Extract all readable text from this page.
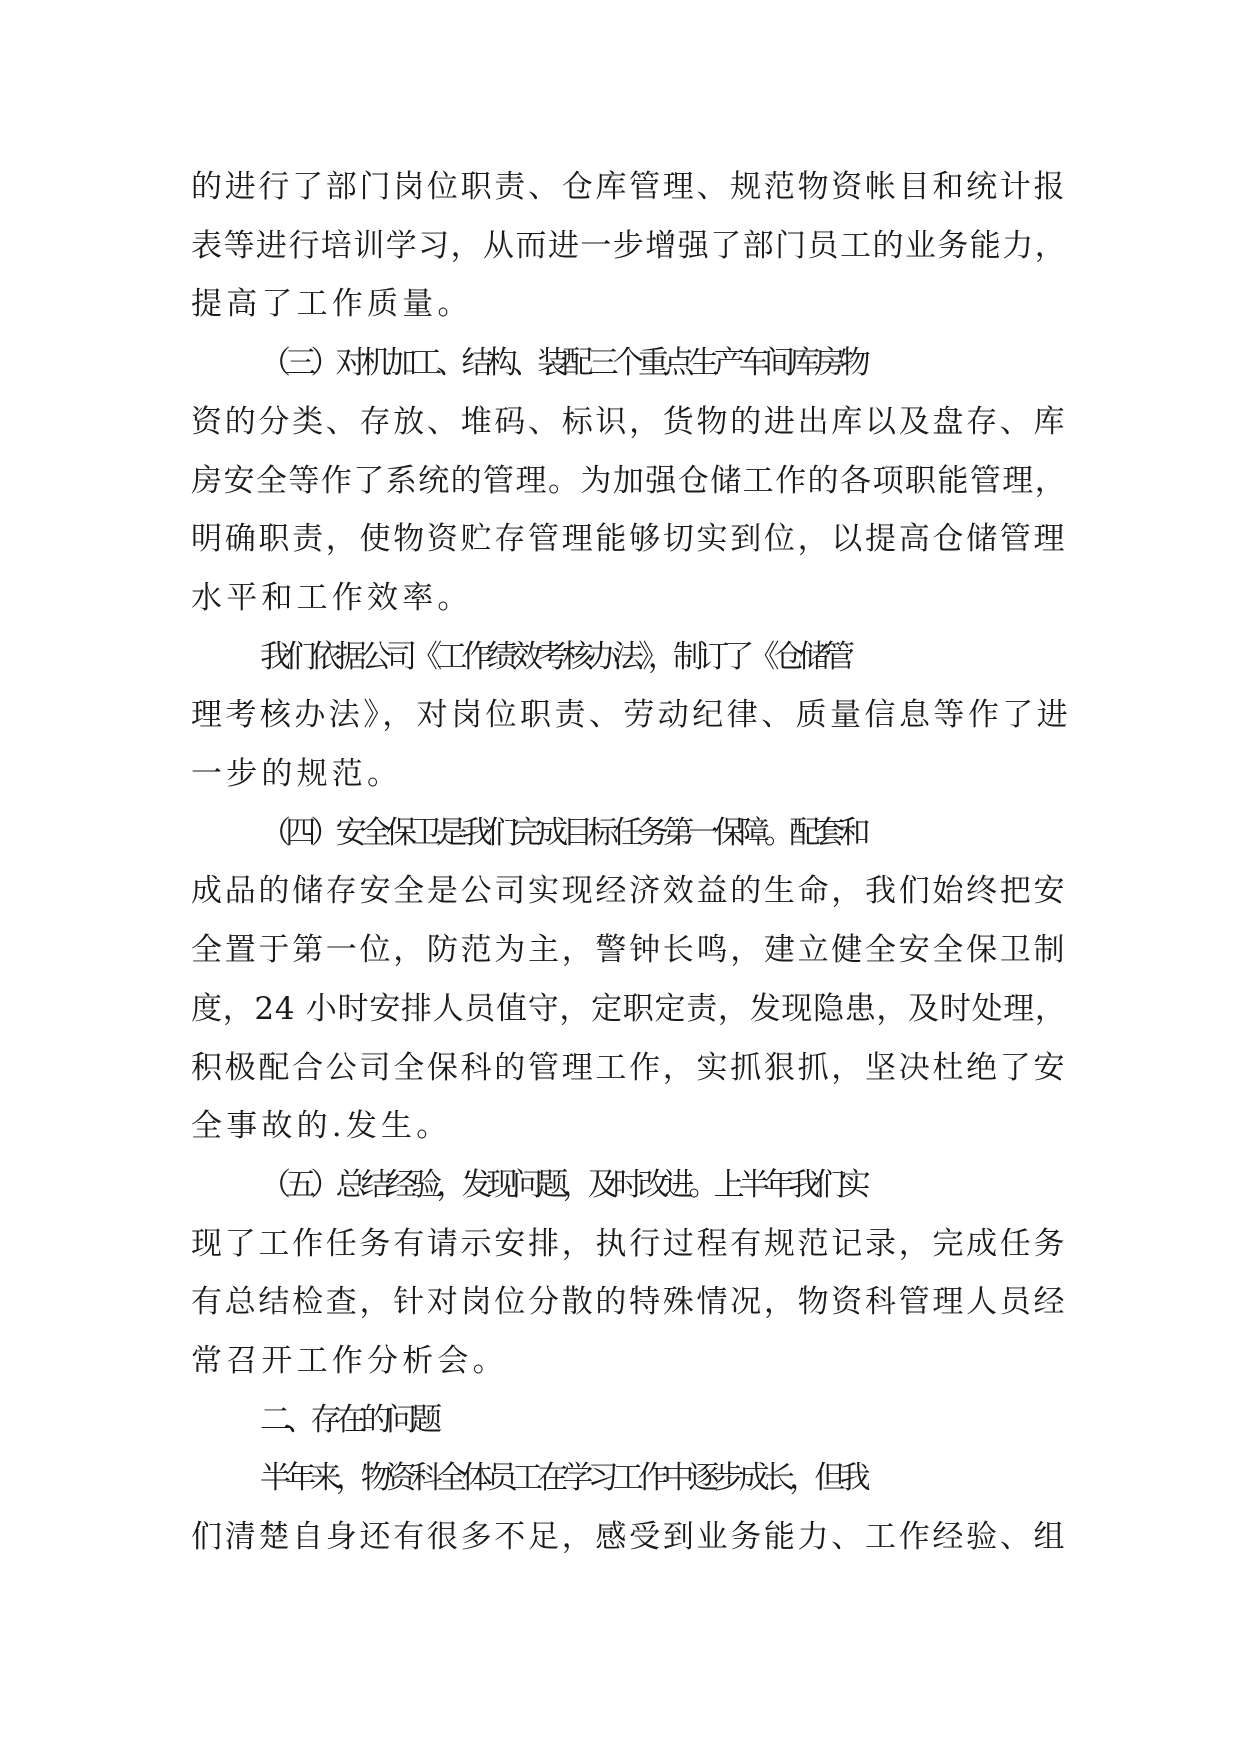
的进行了部门岗位职责、仓库管理、规范物资帐目和统计报
表等进行培训学习，从而进一步增强了部门员工的业务能力，
提高了工作质量。
（三）对机加工、结构、装配三个重点生产车间库房物
资的分类、存放、堆码、标识，货物的进出库以及盘存、库
房安全等作了系统的管理。为加强仓储工作的各项职能管理，
明确职责，使物资贮存管理能够切实到位，以提高仓储管理
水平和工作效率。
我们依据公司《工作绩效考核办法》，制订了《仓储管
理考核办法》，对岗位职责、劳动纪律、质量信息等作了进
一步的规范。
（四）安全保卫是我们完成目标任务第一保障。配套和
成品的储存安全是公司实现经济效益的生命，我们始终把安
全置于第一位，防范为主，警钟长鸣，建立健全安全保卫制
度，24 小时安排人员值守，定职定责，发现隐患，及时处理，
积极配合公司全保科的管理工作，实抓狠抓，坚决杜绝了安
全事故的.发生。
（五）总结经验，发现问题，及时改进。上半年我们实
现了工作任务有请示安排，执行过程有规范记录，完成任务
有总结检查，针对岗位分散的特殊情况，物资科管理人员经
常召开工作分析会。
二、存在的问题
半年来，物资科全体员工在学习工作中逐步成长，但我
们清楚自身还有很多不足，感受到业务能力、工作经验、组
